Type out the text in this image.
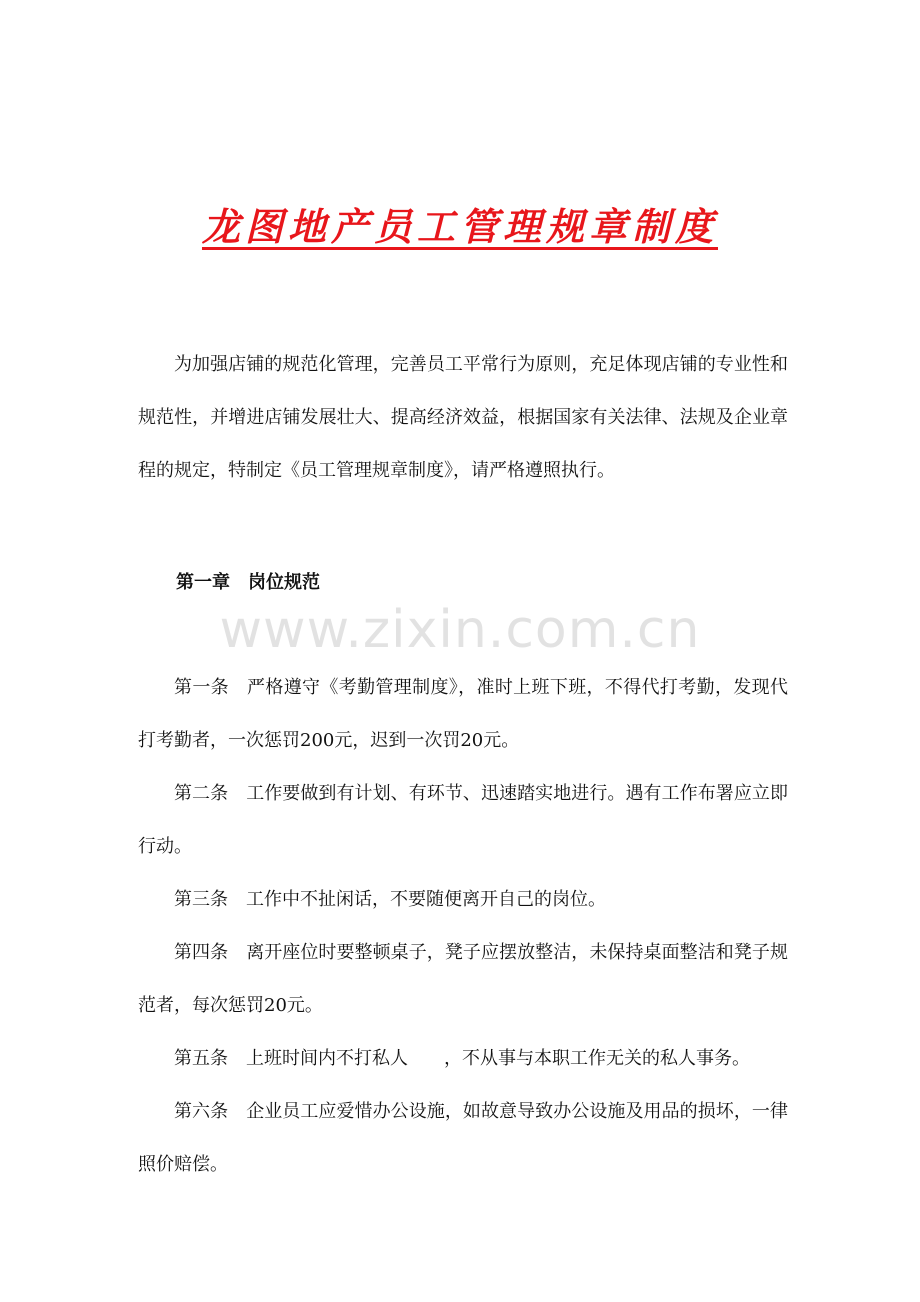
龙图地产员工管理规章制度

为加强店铺的规范化管理，完善员工平常行为原则，充足体现店铺的专业性和规范性，并增进店铺发展壮大、提高经济效益，根据国家有关法律、法规及企业章程的规定，特制定《员工管理规章制度》，请严格遵照执行。

第一章 岗位规范
www.zixin.com.cn

第一条 严格遵守《考勤管理制度》，准时上班下班，不得代打考勤，发现代打考勤者，一次惩罚200元，迟到一次罚20元。

第二条 工作要做到有计划、有环节、迅速踏实地进行。遇有工作布署应立即行动。

第三条 工作中不扯闲话，不要随便离开自己的岗位。

第四条 离开座位时要整顿桌子，凳子应摆放整洁，未保持桌面整洁和凳子规范者，每次惩罚20元。

第五条 上班时间内不打私人　　，不从事与本职工作无关的私人事务。

第六条 企业员工应爱惜办公设施，如故意导致办公设施及用品的损坏，一律照价赔偿。
